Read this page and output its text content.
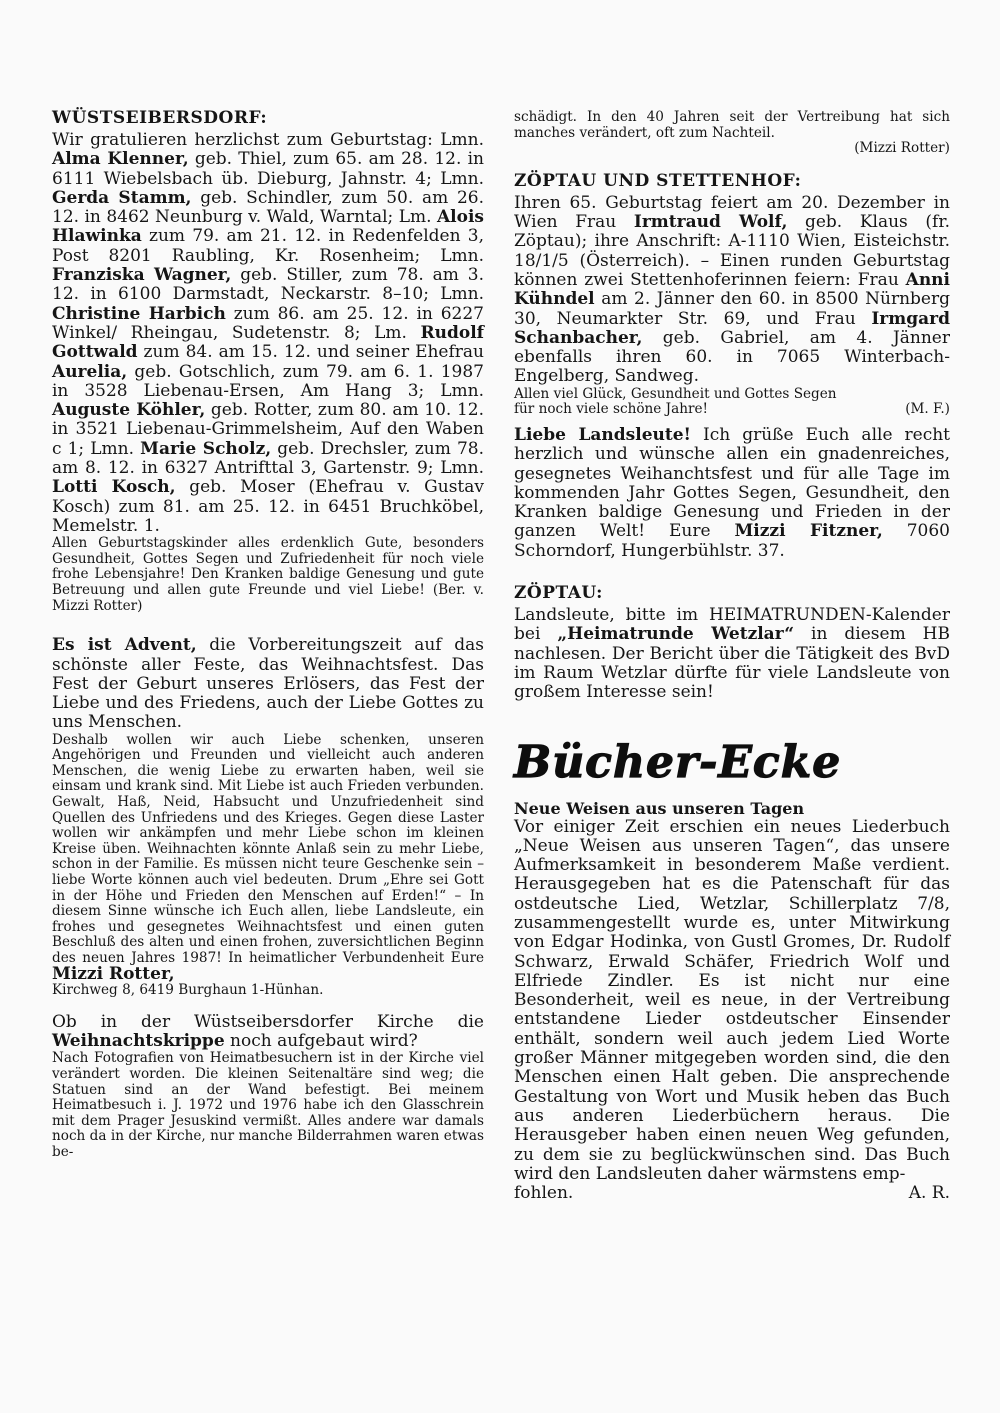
WÜSTSEIBERSDORF:

Wir gratulieren herzlichst zum Geburtstag: Lmn. Alma Klenner, geb. Thiel, zum 65. am 28. 12. in 6111 Wiebelsbach üb. Dieburg, Jahnstr. 4; Lmn. Gerda Stamm, geb. Schindler, zum 50. am 26. 12. in 8462 Neunburg v. Wald, Warntal; Lm. Alois Hlawinka zum 79. am 21. 12. in Redenfelden 3, Post 8201 Raubling, Kr. Rosenheim; Lmn. Franziska Wagner, geb. Stiller, zum 78. am 3. 12. in 6100 Darmstadt, Neckarstr. 8–10; Lmn. Christine Harbich zum 86. am 25. 12. in 6227 Winkel/ Rheingau, Sudetenstr. 8; Lm. Rudolf Gottwald zum 84. am 15. 12. und seiner Ehefrau Aurelia, geb. Gotschlich, zum 79. am 6. 1. 1987 in 3528 Liebenau-Ersen, Am Hang 3; Lmn. Auguste Köhler, geb. Rotter, zum 80. am 10. 12. in 3521 Liebenau-Grimmelsheim, Auf den Waben c 1; Lmn. Marie Scholz, geb. Drechsler, zum 78. am 8. 12. in 6327 Antrifttal 3, Gartenstr. 9; Lmn. Lotti Kosch, geb. Moser (Ehefrau v. Gustav Kosch) zum 81. am 25. 12. in 6451 Bruchköbel, Memelstr. 1.

Allen Geburtstagskinder alles erdenklich Gute, besonders Gesundheit, Gottes Segen und Zufriedenheit für noch viele frohe Lebensjahre! Den Kranken baldige Genesung und gute Betreuung und allen gute Freunde und viel Liebe! (Ber. v. Mizzi Rotter)

Es ist Advent, die Vorbereitungszeit auf das schönste aller Feste, das Weihnachtsfest. Das Fest der Geburt unseres Erlösers, das Fest der Liebe und des Friedens, auch der Liebe Gottes zu uns Menschen.

Deshalb wollen wir auch Liebe schenken, unseren Angehörigen und Freunden und vielleicht auch anderen Menschen, die wenig Liebe zu erwarten haben, weil sie einsam und krank sind. Mit Liebe ist auch Frieden verbunden. Gewalt, Haß, Neid, Habsucht und Unzufriedenheit sind Quellen des Unfriedens und des Krieges. Gegen diese Laster wollen wir ankämpfen und mehr Liebe schon im kleinen Kreise üben. Weihnachten könnte Anlaß sein zu mehr Liebe, schon in der Familie. Es müssen nicht teure Geschenke sein – liebe Worte können auch viel bedeuten. Drum „Ehre sei Gott in der Höhe und Frieden den Menschen auf Erden!“ – In diesem Sinne wünsche ich Euch allen, liebe Landsleute, ein frohes und gesegnetes Weihnachtsfest und einen guten Beschluß des alten und einen frohen, zuversichtlichen Beginn des neuen Jahres 1987! In heimatlicher Verbundenheit Eure Mizzi Rotter,
Kirchweg 8, 6419 Burghaun 1-Hünhan.

Ob in der Wüstseibersdorfer Kirche die Weihnachtskrippe noch aufgebaut wird?

Nach Fotografien von Heimatbesuchern ist in der Kirche viel verändert worden. Die kleinen Seitenaltäre sind weg; die Statuen sind an der Wand befestigt. Bei meinem Heimatbesuch i. J. 1972 und 1976 habe ich den Glasschrein mit dem Prager Jesuskind vermißt. Alles andere war damals noch da in der Kirche, nur manche Bilderrahmen waren etwas be-

schädigt. In den 40 Jahren seit der Vertreibung hat sich manches verändert, oft zum Nachteil.

(Mizzi Rotter)
ZÖPTAU UND STETTENHOF:

Ihren 65. Geburtstag feiert am 20. Dezember in Wien Frau Irmtraud Wolf, geb. Klaus (fr. Zöptau); ihre Anschrift: A-1110 Wien, Eisteichstr. 18/1/5 (Österreich). – Einen runden Geburtstag können zwei Stettenhoferinnen feiern: Frau Anni Kühndel am 2. Jänner den 60. in 8500 Nürnberg 30, Neumarkter Str. 69, und Frau Irmgard Schanbacher, geb. Gabriel, am 4. Jänner ebenfalls ihren 60. in 7065 Winterbach-Engelberg, Sandweg.

Allen viel Glück, Gesundheit und Gottes Segen für noch viele schöne Jahre!	(M. F.)

Liebe Landsleute! Ich grüße Euch alle recht herzlich und wünsche allen ein gnadenreiches, gesegnetes Weihanchtsfest und für alle Tage im kommenden Jahr Gottes Segen, Gesundheit, den Kranken baldige Genesung und Frieden in der ganzen Welt! Eure Mizzi Fitzner, 7060 Schorndorf, Hungerbühlstr. 37.

ZÖPTAU:

Landsleute, bitte im HEIMATRUNDEN-Kalender bei „Heimatrunde Wetzlar“ in diesem HB nachlesen. Der Bericht über die Tätigkeit des BvD im Raum Wetzlar dürfte für viele Landsleute von großem Interesse sein!

Bücher-Ecke
Neue Weisen aus unseren Tagen

Vor einiger Zeit erschien ein neues Liederbuch „Neue Weisen aus unseren Tagen“, das unsere Aufmerksamkeit in besonderem Maße verdient. Herausgegeben hat es die Patenschaft für das ostdeutsche Lied, Wetzlar, Schillerplatz 7/8, zusammengestellt wurde es, unter Mitwirkung von Edgar Hodinka, von Gustl Gromes, Dr. Rudolf Schwarz, Erwald Schäfer, Friedrich Wolf und Elfriede Zindler. Es ist nicht nur eine Besonderheit, weil es neue, in der Vertreibung entstandene Lieder ostdeutscher Einsender enthält, sondern weil auch jedem Lied Worte großer Männer mitgegeben worden sind, die den Menschen einen Halt geben. Die ansprechende Gestaltung von Wort und Musik heben das Buch aus anderen Liederbüchern heraus. Die Herausgeber haben einen neuen Weg gefunden, zu dem sie zu beglückwünschen sind. Das Buch wird den Landsleuten daher wärmstens emp-

fohlen.	A. R.
